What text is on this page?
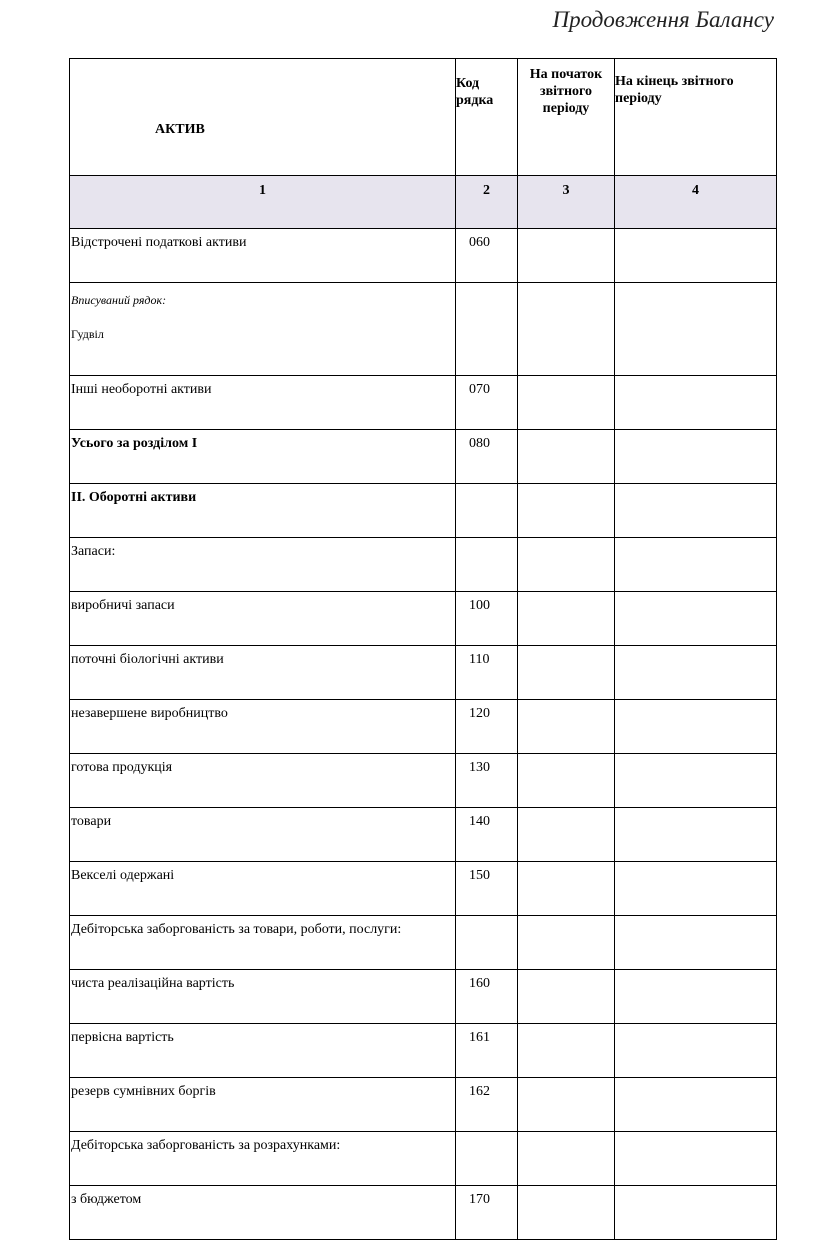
Продовження Балансу
АКТИВ	Код рядка	На початок звітного періоду	На кінець звітного періоду
1	2	3	4
Відстрочені податкові активи	060		

Вписуваний рядок:
Гудвіл			

Інші необоротні активи	070		
Усього за розділом І	080		
ІІ. Оборотні активи			
Запаси:			
виробничі запаси	100		
поточні біологічні активи	110		
незавершене виробництво	120		
готова продукція	130		
товари	140		
Векселі одержані	150		
Дебіторська заборгованість за товари, роботи, послуги:			
чиста реалізаційна вартість	160		
первісна вартість	161		
резерв сумнівних боргів	162		
Дебіторська заборгованість за розрахунками:			
з бюджетом	170		
